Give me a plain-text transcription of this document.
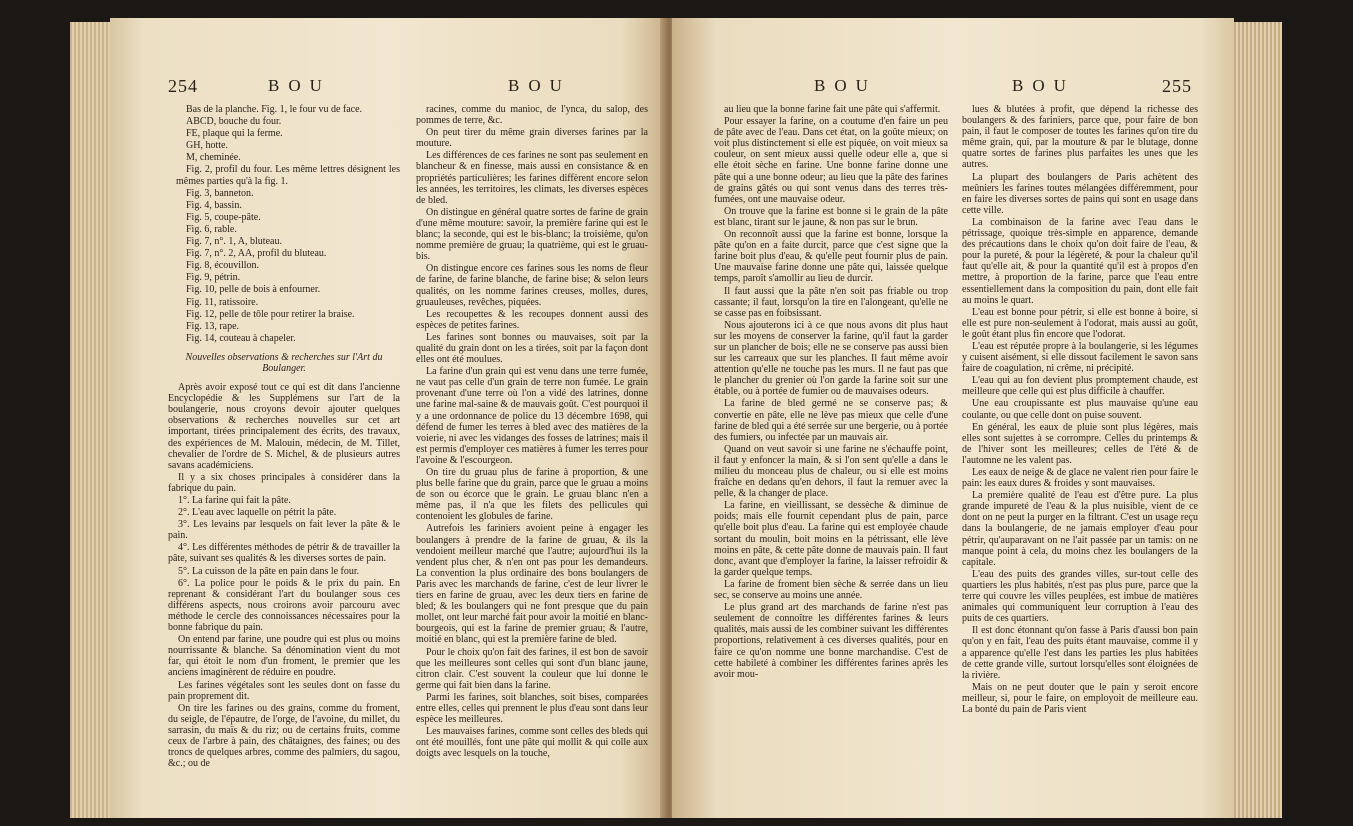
254	BOU	BOU

Bas de la planche. Fig. 1, le four vu de face.

ABCD, bouche du four.

FE, plaque qui la ferme.

GH, hotte.

M, cheminée.

Fig. 2, profil du four. Les même lettres désignent les mêmes parties qu'à la fig. 1.

Fig. 3, banneton.

Fig. 4, bassin.

Fig. 5, coupe-pâte.

Fig. 6, rable.

Fig. 7, n°. 1, A, bluteau.

Fig. 7, n°. 2, AA, profil du bluteau.

Fig. 8, écouvillon.

Fig. 9, pétrin.

Fig. 10, pelle de bois à enfourner.

Fig. 11, ratissoire.

Fig. 12, pelle de tôle pour retirer la braise.

Fig. 13, rape.

Fig. 14, couteau à chapeler.

Nouvelles observations & recherches sur l'Art du Boulanger.

Après avoir exposé tout ce qui est dit dans l'ancienne Encyclopédie & les Supplémens sur l'art de la boulangerie, nous croyons devoir ajouter quelques observations & recherches nouvelles sur cet art important, tirées principalement des écrits, des travaux, des expériences de M. Malouin, médecin, de M. Tillet, chevalier de l'ordre de S. Michel, & de plusieurs autres savans académiciens.

Il y a six choses principales à considérer dans la fabrique du pain.

1°. La farine qui fait la pâte.

2°. L'eau avec laquelle on pétrit la pâte.

3°. Les levains par lesquels on fait lever la pâte & le pain.

4°. Les différentes méthodes de pétrir & de travailler la pâte, suivant ses qualités & les diverses sortes de pain.

5°. La cuisson de la pâte en pain dans le four.

6°. La police pour le poids & le prix du pain. En reprenant & considérant l'art du boulanger sous ces différens aspects, nous croirons avoir parcouru avec méthode le cercle des connoissances nécessaires pour la bonne fabrique du pain.

On entend par farine, une poudre qui est plus ou moins nourrissante & blanche. Sa dénomination vient du mot far, qui étoit le nom d'un froment, le premier que les anciens imaginèrent de réduire en poudre.

Les farines végétales sont les seules dont on fasse du pain proprement dit.

On tire les farines ou des grains, comme du froment, du seigle, de l'épautre, de l'orge, de l'avoine, du millet, du sarrasin, du maïs & du riz; ou de certains fruits, comme ceux de l'arbre à pain, des châtaignes, des faines; ou des troncs de quelques arbres, comme des palmiers, du sagou, &c.; ou de

racines, comme du manioc, de l'ynca, du salop, des pommes de terre, &c.

On peut tirer du même grain diverses farines par la mouture.

Les différences de ces farines ne sont pas seulement en blancheur & en finesse, mais aussi en consistance & en propriétés particulières; les farines diffèrent encore selon les années, les territoires, les climats, les diverses espèces de bled.

On distingue en général quatre sortes de farine de grain d'une même mouture: savoir, la première farine qui est le blanc; la seconde, qui est le bis-blanc; la troisième, qu'on nomme première de gruau; la quatrième, qui est le gruau-bis.

On distingue encore ces farines sous les noms de fleur de farine, de farine blanche, de farine bise; & selon leurs qualités, on les nomme farines creuses, molles, dures, gruauleuses, revêches, piquées.

Les recoupettes & les recoupes donnent aussi des espèces de petites farines.

Les farines sont bonnes ou mauvaises, soit par la qualité du grain dont on les a tirées, soit par la façon dont elles ont été moulues.

La farine d'un grain qui est venu dans une terre fumée, ne vaut pas celle d'un grain de terre non fumée. Le grain provenant d'une terre où l'on a vidé des latrines, donne une farine mal-saine & de mauvais goût. C'est pourquoi il y a une ordonnance de police du 13 décembre 1698, qui défend de fumer les terres à bled avec des matières de la voierie, ni avec les vidanges des fosses de latrines; mais il est permis d'employer ces matières à fumer les terres pour l'avoine & l'escourgeon.

On tire du gruau plus de farine à proportion, & une plus belle farine que du grain, parce que le gruau a moins de son ou écorce que le grain. Le gruau blanc n'en a même pas, il n'a que les filets des pellicules qui contenoient les globules de farine.

Autrefois les fariniers avoient peine à engager les boulangers à prendre de la farine de gruau, & ils la vendoient meilleur marché que l'autre; aujourd'hui ils la vendent plus cher, & n'en ont pas pour les demandeurs. La convention la plus ordinaire des bons boulangers de Paris avec les marchands de farine, c'est de leur livrer le tiers en farine de gruau, avec les deux tiers en farine de bled; & les boulangers qui ne font presque que du pain mollet, ont leur marché fait pour avoir la moitié en blanc-bourgeois, qui est la farine de premier gruau; & l'autre, moitié en blanc, qui est la première farine de bled.

Pour le choix qu'on fait des farines, il est bon de savoir que les meilleures sont celles qui sont d'un blanc jaune, citron clair. C'est souvent la couleur que lui donne le germe qui fait bien dans la farine.

Parmi les farines, soit blanches, soit bises, comparées entre elles, celles qui prennent le plus d'eau sont dans leur espèce les meilleures.

Les mauvaises farines, comme sont celles des bleds qui ont été mouillés, font une pâte qui mollit & qui colle aux doigts avec lesquels on la touche,

BOU	BOU	255

au lieu que la bonne farine fait une pâte qui s'affermit.

Pour essayer la farine, on a coutume d'en faire un peu de pâte avec de l'eau. Dans cet état, on la goûte mieux; on voit plus distinctement si elle est piquée, on voit mieux sa couleur, on sent mieux aussi quelle odeur elle a, que si elle étoit sèche en farine. Une bonne farine donne une pâte qui a une bonne odeur; au lieu que la pâte des farines de grains gâtés ou qui sont venus dans des terres très-fumées, ont une mauvaise odeur.

On trouve que la farine est bonne si le grain de la pâte est blanc, tirant sur le jaune, & non pas sur le brun.

On reconnoît aussi que la farine est bonne, lorsque la pâte qu'on en a faite durcit, parce que c'est signe que la farine boit plus d'eau, & qu'elle peut fournir plus de pain. Une mauvaise farine donne une pâte qui, laissée quelque temps, paroît s'amollir au lieu de durcir.

Il faut aussi que la pâte n'en soit pas friable ou trop cassante; il faut, lorsqu'on la tire en l'alongeant, qu'elle ne se casse pas en foibsissant.

Nous ajouterons ici à ce que nous avons dit plus haut sur les moyens de conserver la farine, qu'il faut la garder sur un plancher de bois; elle ne se conserve pas aussi bien sur les carreaux que sur les planches. Il faut même avoir attention qu'elle ne touche pas les murs. Il ne faut pas que le plancher du grenier où l'on garde la farine soit sur une étable, ou à portée de fumier ou de mauvaises odeurs.

La farine de bled germé ne se conserve pas; & convertie en pâte, elle ne lève pas mieux que celle d'une farine de bled qui a été serrée sur une bergerie, ou à portée des fumiers, ou infectée par un mauvais air.

Quand on veut savoir si une farine ne s'échauffe point, il faut y enfoncer la main, & si l'on sent qu'elle a dans le milieu du monceau plus de chaleur, ou si elle est moins fraîche en dedans qu'en dehors, il faut la remuer avec la pelle, & la changer de place.

La farine, en vieillissant, se dessèche & diminue de poids; mais elle fournit cependant plus de pain, parce qu'elle boit plus d'eau. La farine qui est employée chaude sortant du moulin, boit moins en la pétrissant, elle lève moins en pâte, & cette pâte donne de mauvais pain. Il faut donc, avant que d'employer la farine, la laisser refroidir & la garder quelque temps.

La farine de froment bien sèche & serrée dans un lieu sec, se conserve au moins une année.

Le plus grand art des marchands de farine n'est pas seulement de connoître les différentes farines & leurs qualités, mais aussi de les combiner suivant les différentes proportions, relativement à ces diverses qualités, pour en faire ce qu'on nomme une bonne marchandise. C'est de cette habileté à combiner les différentes farines après les avoir mou-

lues & blutées à profit, que dépend la richesse des boulangers & des fariniers, parce que, pour faire de bon pain, il faut le composer de toutes les farines qu'on tire du même grain, qui, par la mouture & par le blutage, donne quatre sortes de farines plus parfaites les unes que les autres.

La plupart des boulangers de Paris achètent des meûniers les farines toutes mélangées différemment, pour en faire les diverses sortes de pains qui sont en usage dans cette ville.

La combinaison de la farine avec l'eau dans le pétrissage, quoique très-simple en apparence, demande des précautions dans le choix qu'on doit faire de l'eau, & pour la pureté, & pour la légèreté, & pour la chaleur qu'il faut qu'elle ait, & pour la quantité qu'il est à propos d'en mettre, à proportion de la farine, parce que l'eau entre essentiellement dans la composition du pain, dont elle fait au moins le quart.

L'eau est bonne pour pétrir, si elle est bonne à boire, si elle est pure non-seulement à l'odorat, mais aussi au goût, le goût étant plus fin encore que l'odorat.

L'eau est réputée propre à la boulangerie, si les légumes y cuisent aisément, si elle dissout facilement le savon sans faire de coagulation, ni crême, ni précipité.

L'eau qui au fon devient plus promptement chaude, est meilleure que celle qui est plus difficile à chauffer.

Une eau croupissante est plus mauvaise qu'une eau coulante, ou que celle dont on puise souvent.

En général, les eaux de pluie sont plus légères, mais elles sont sujettes à se corrompre. Celles du printemps & de l'hiver sont les meilleures; celles de l'été & de l'automne ne les valent pas.

Les eaux de neige & de glace ne valent rien pour faire le pain: les eaux dures & froides y sont mauvaises.

La première qualité de l'eau est d'être pure. La plus grande impureté de l'eau & la plus nuisible, vient de ce dont on ne peut la purger en la filtrant. C'est un usage reçu dans la boulangerie, de ne jamais employer d'eau pour pétrir, qu'auparavant on ne l'ait passée par un tamis: on ne manque point à cela, du moins chez les boulangers de la capitale.

L'eau des puits des grandes villes, sur-tout celle des quartiers les plus habités, n'est pas plus pure, parce que la terre qui couvre les villes peuplées, est imbue de matières animales qui communiquent leur corruption à l'eau des puits de ces quartiers.

Il est donc étonnant qu'on fasse à Paris d'aussi bon pain qu'on y en fait, l'eau des puits étant mauvaise, comme il y a apparence qu'elle l'est dans les parties les plus habitées de cette grande ville, surtout lorsqu'elles sont éloignées de la rivière.

Mais on ne peut douter que le pain y seroit encore meilleur, si, pour le faire, on employoit de meilleure eau. La bonté du pain de Paris vient
